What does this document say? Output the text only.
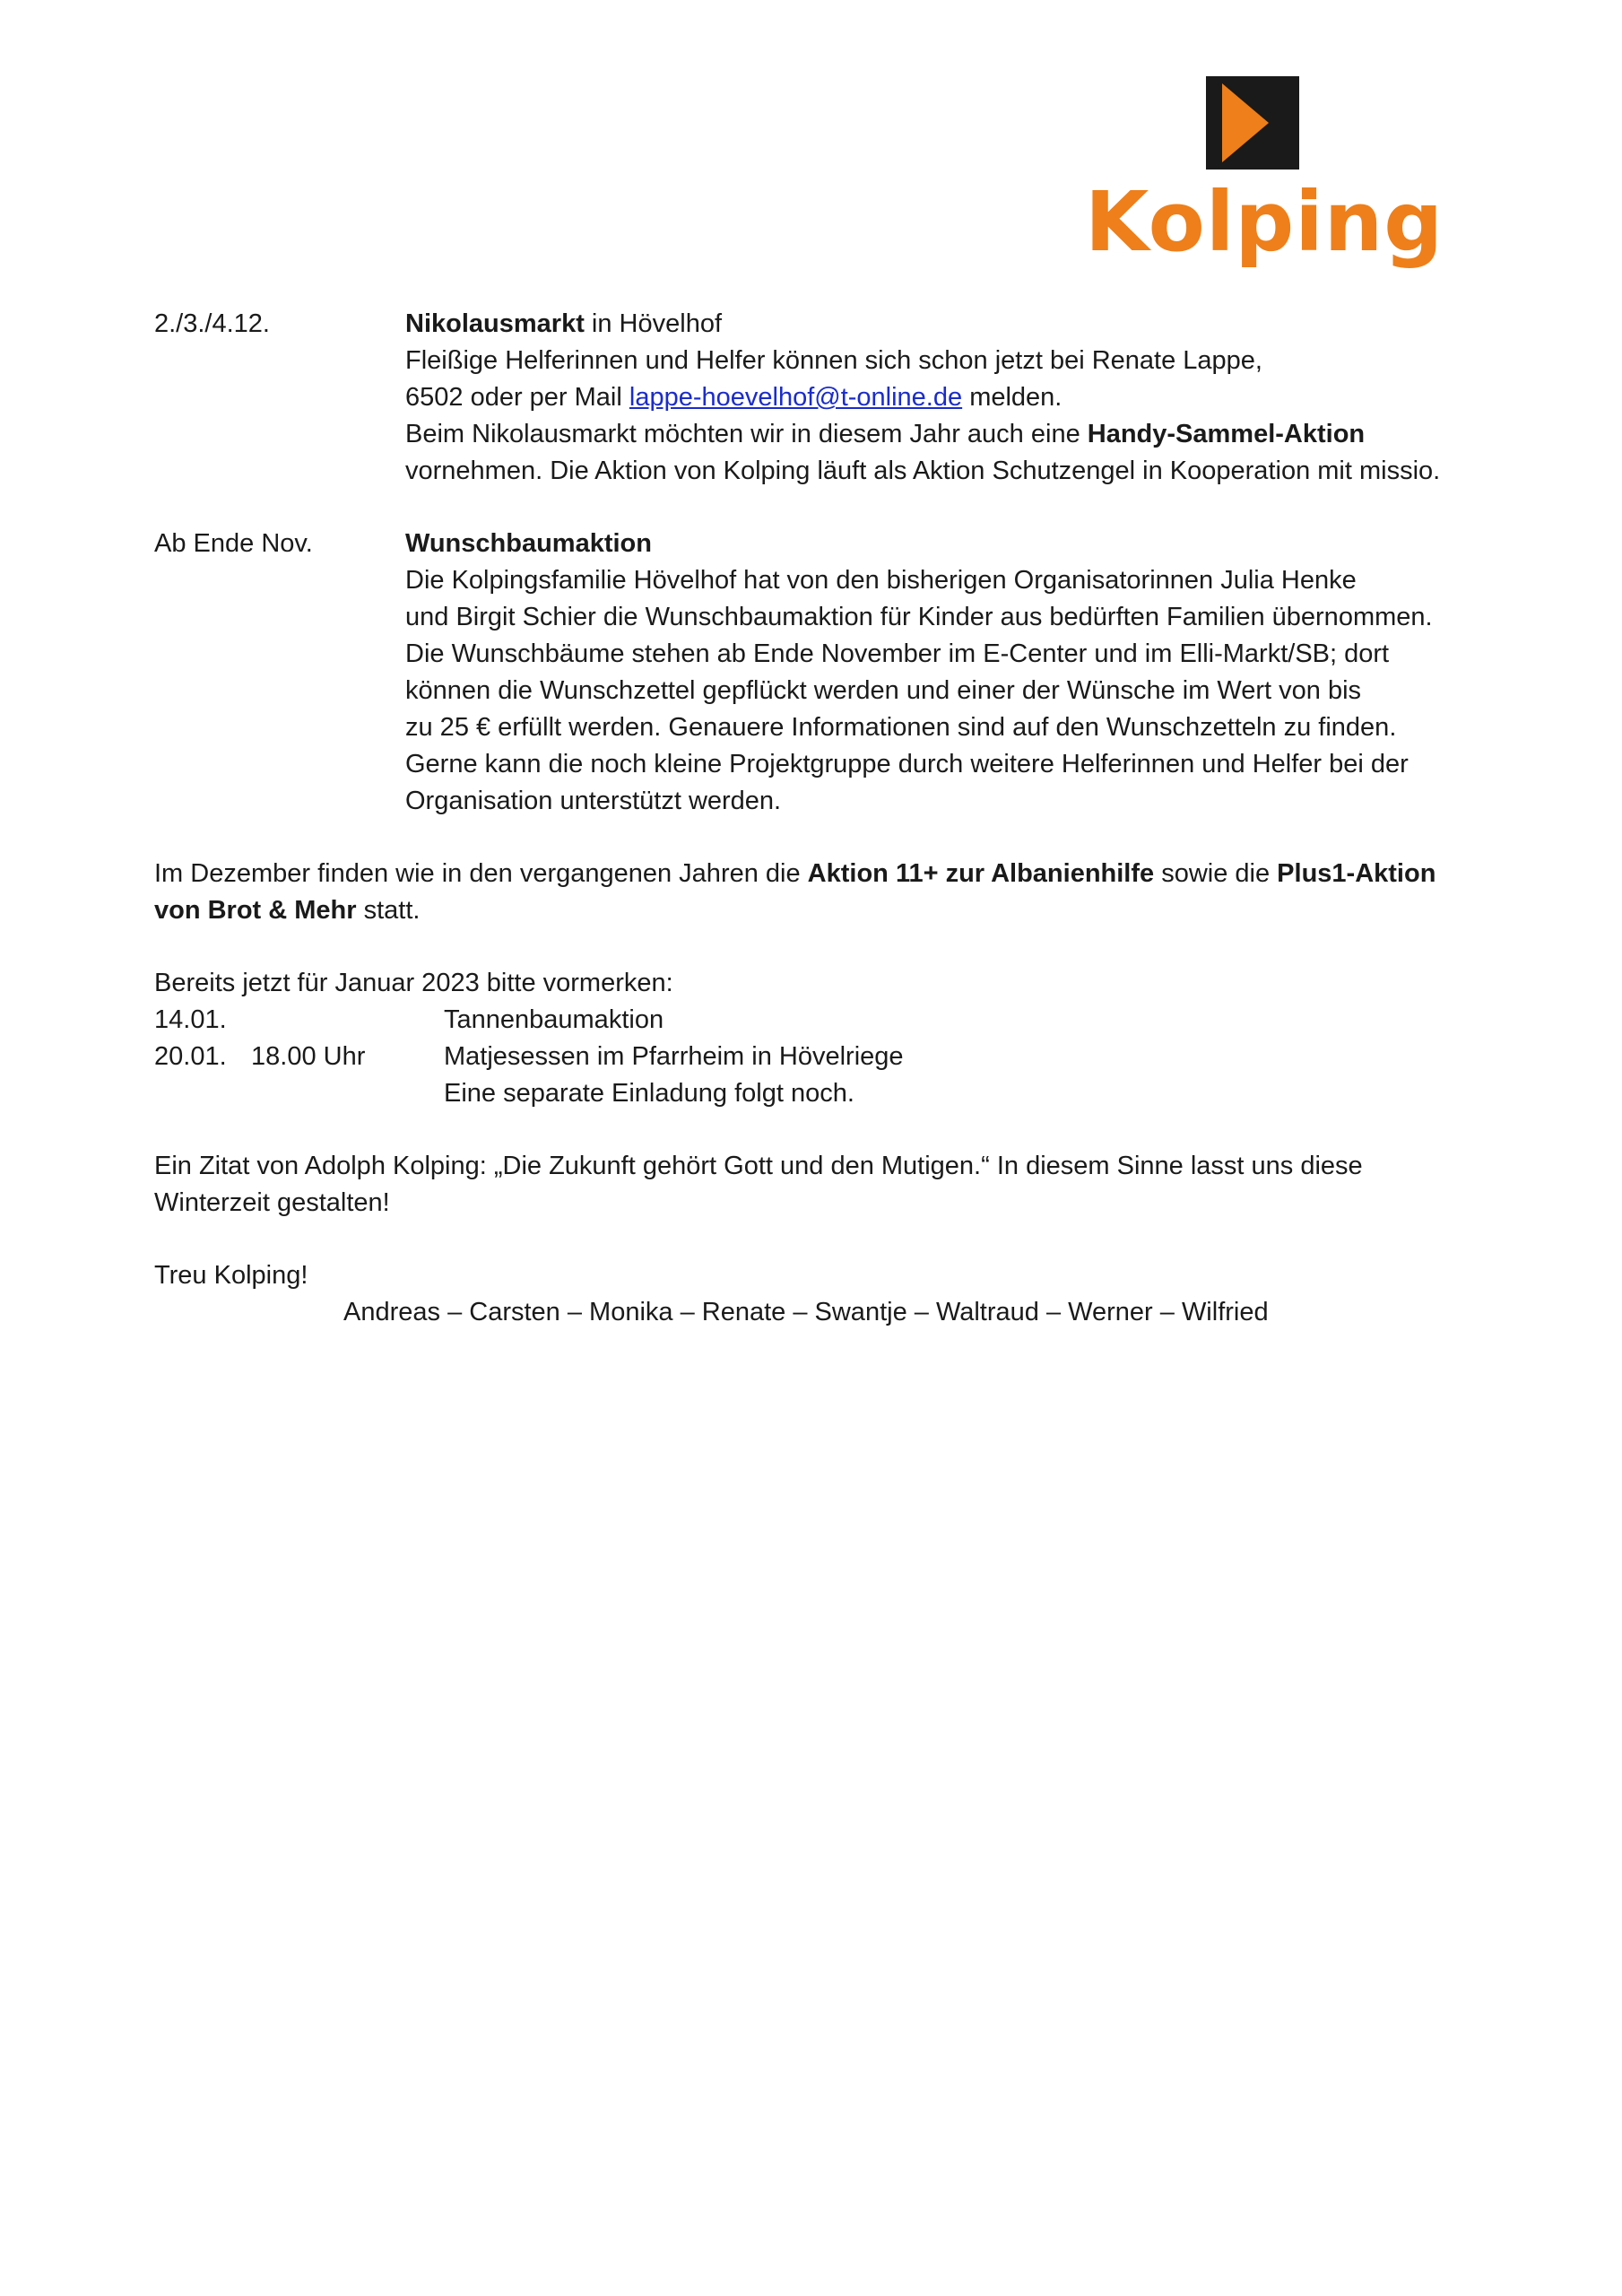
Kolping
2./3./4.12.	Nikolausmarkt in Hövelhof
Fleißige Helferinnen und Helfer können sich schon jetzt bei Renate Lappe,
6502 oder per Mail lappe-hoevelhof@t-online.de melden.
Beim Nikolausmarkt möchten wir in diesem Jahr auch eine Handy-Sammel-Aktion
vornehmen. Die Aktion von Kolping läuft als Aktion Schutzengel in Kooperation mit missio.
Ab Ende Nov.	Wunschbaumaktion
Die Kolpingsfamilie Hövelhof hat von den bisherigen Organisatorinnen Julia Henke
und Birgit Schier die Wunschbaumaktion für Kinder aus bedürften Familien übernommen.
Die Wunschbäume stehen ab Ende November im E-Center und im Elli-Markt/SB; dort
können die Wunschzettel gepflückt werden und einer der Wünsche im Wert von bis
zu 25 € erfüllt werden. Genauere Informationen sind auf den Wunschzetteln zu finden.
Gerne kann die noch kleine Projektgruppe durch weitere Helferinnen und Helfer bei der
Organisation unterstützt werden.
Im Dezember finden wie in den vergangenen Jahren die Aktion 11+ zur Albanienhilfe sowie die Plus1-Aktion
von Brot & Mehr statt.
Bereits jetzt für Januar 2023 bitte vormerken:
14.01.	Tannenbaumaktion
20.01. 18.00 Uhr	Matjesessen im Pfarrheim in Hövelriege
Eine separate Einladung folgt noch.
Ein Zitat von Adolph Kolping: „Die Zukunft gehört Gott und den Mutigen.“ In diesem Sinne lasst uns diese
Winterzeit gestalten!
Treu Kolping!
Andreas – Carsten – Monika – Renate – Swantje – Waltraud – Werner – Wilfried
